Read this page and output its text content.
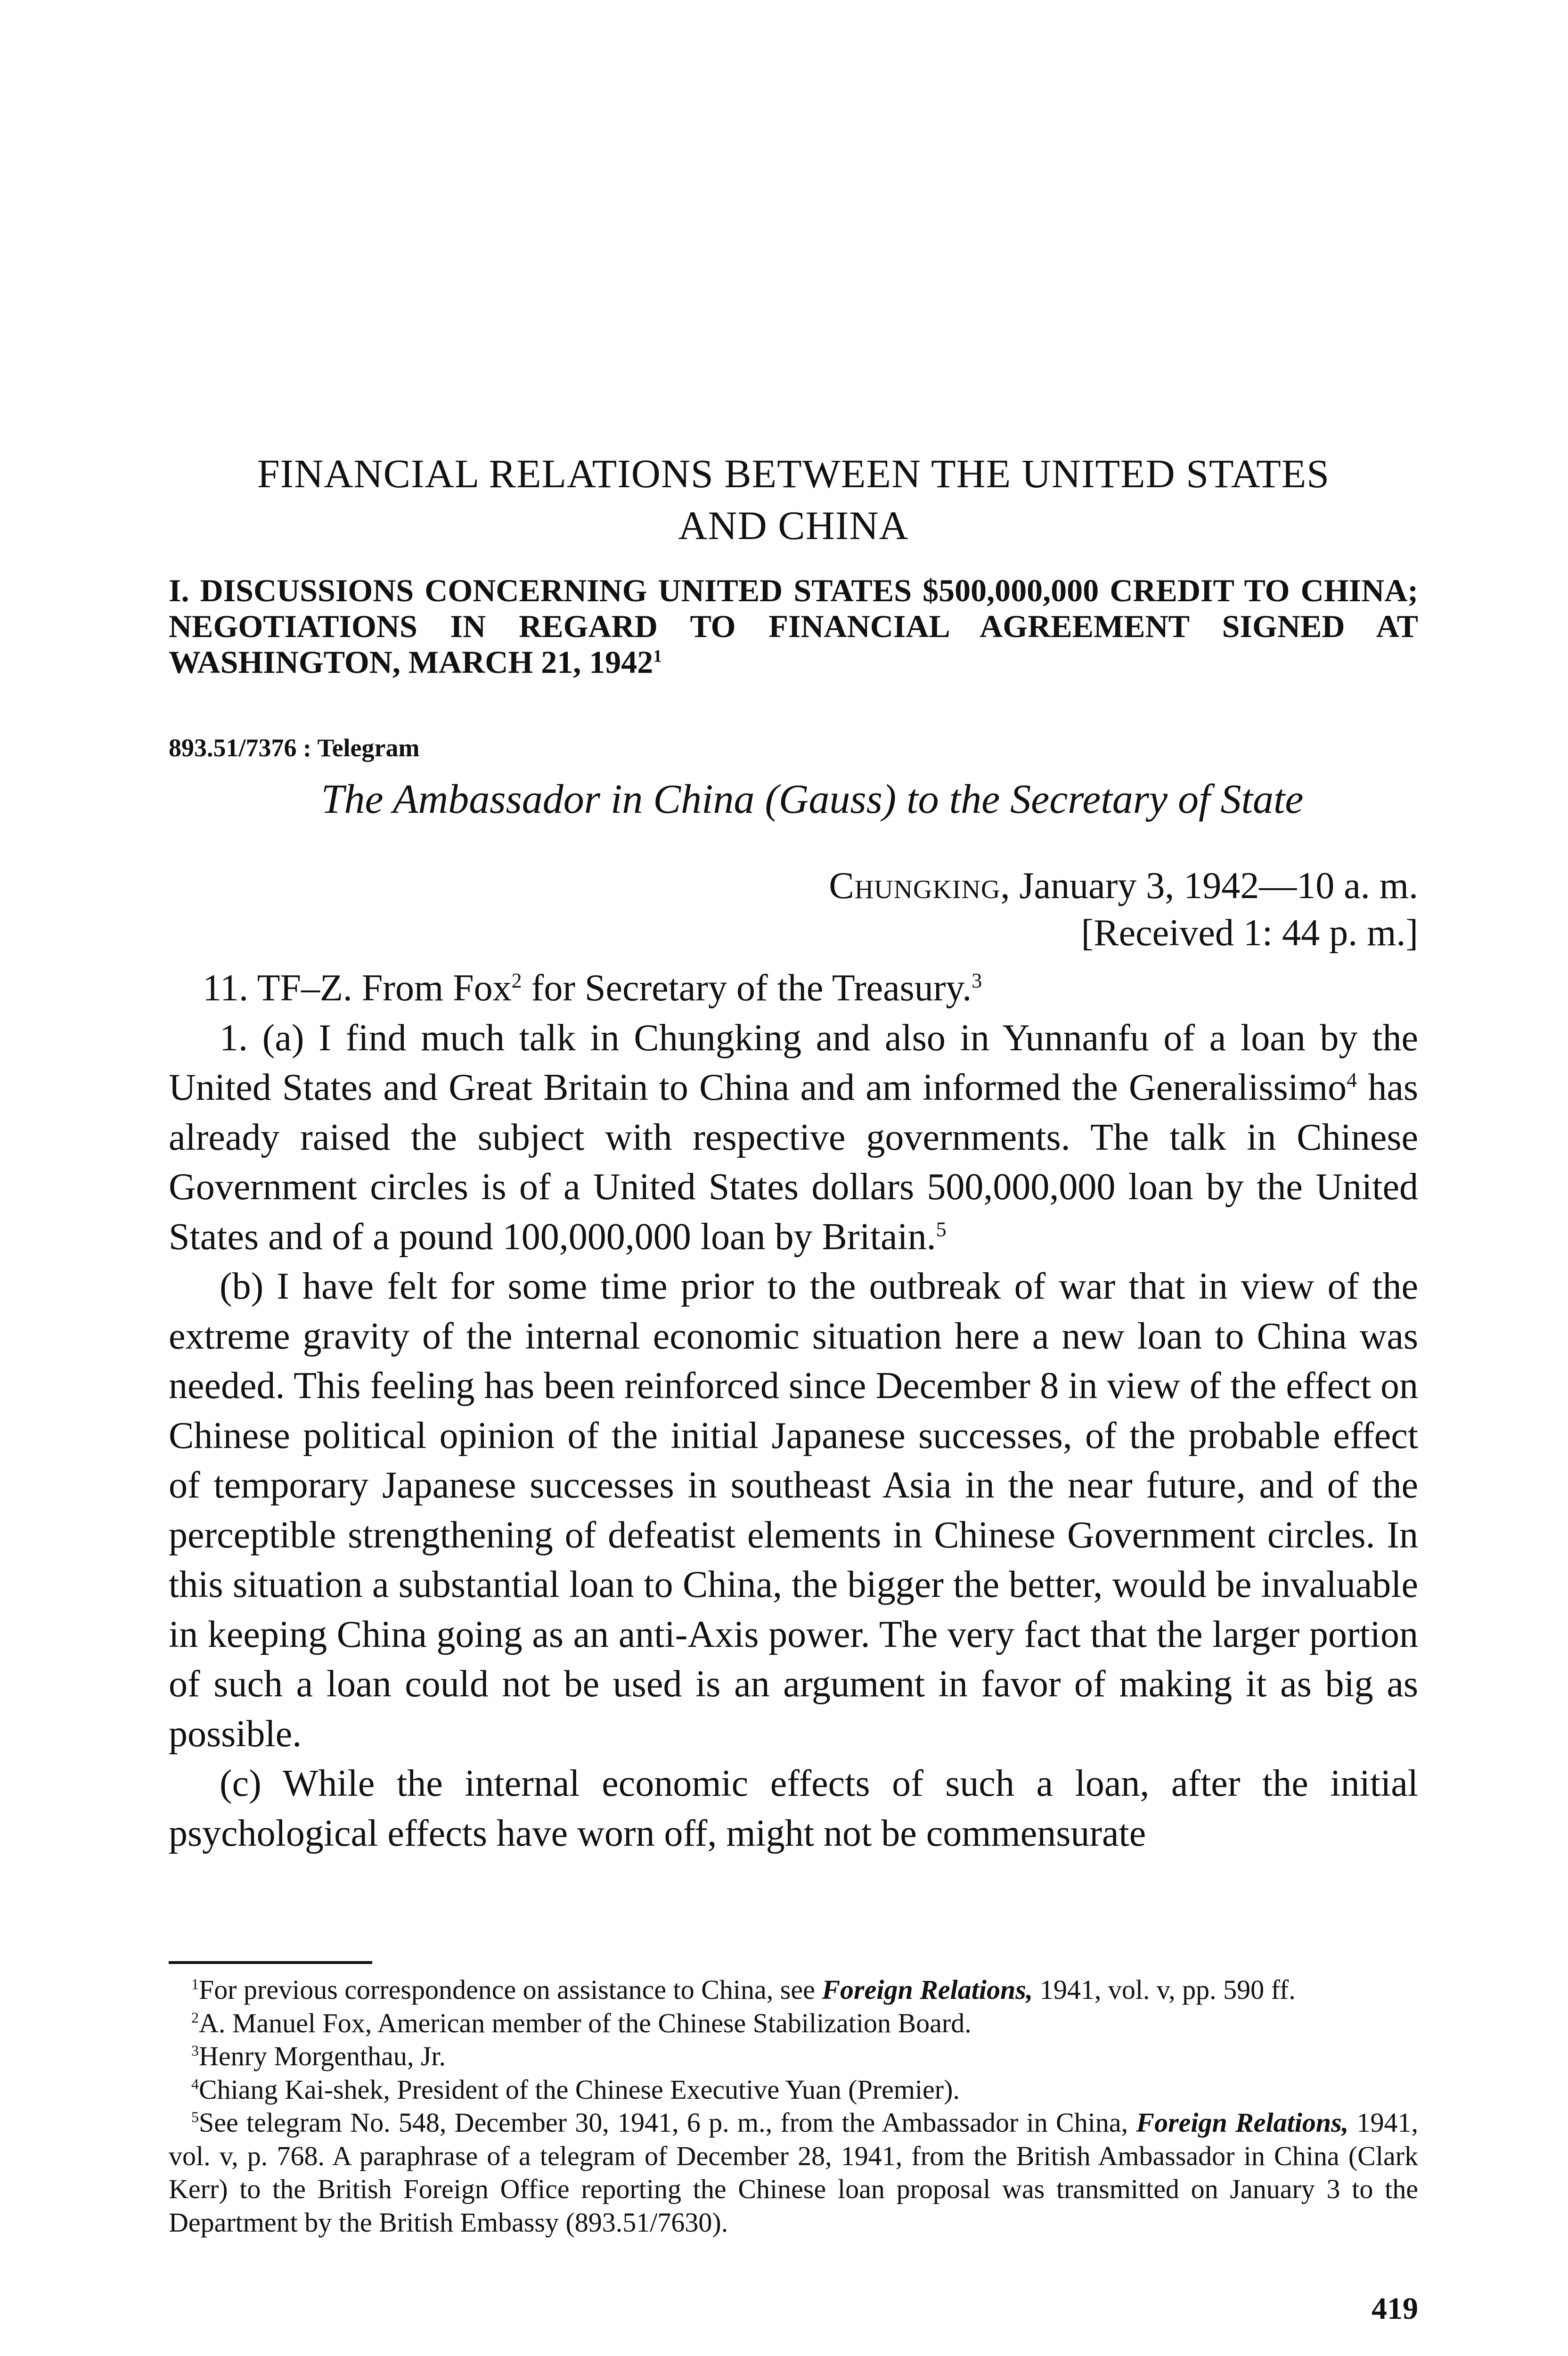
FINANCIAL RELATIONS BETWEEN THE UNITED STATES
AND CHINA
I. DISCUSSIONS CONCERNING UNITED STATES $500,000,000 CREDIT TO CHINA; NEGOTIATIONS IN REGARD TO FINANCIAL AGREEMENT SIGNED AT WASHINGTON, MARCH 21, 1942$^1$
893.51/7376 : Telegram
The Ambassador in China (Gauss) to the Secretary of State
Chungking, January 3, 1942—10 a. m.
[Received 1: 44 p. m.]

11. TF–Z. From Fox$^2$ for Secretary of the Treasury.$^3$

1. (a) I find much talk in Chungking and also in Yunnanfu of a loan by the United States and Great Britain to China and am informed the Generalissimo$^4$ has already raised the subject with respective governments. The talk in Chinese Government circles is of a United States dollars 500,000,000 loan by the United States and of a pound 100,000,000 loan by Britain.$^5$

(b) I have felt for some time prior to the outbreak of war that in view of the extreme gravity of the internal economic situation here a new loan to China was needed. This feeling has been reinforced since December 8 in view of the effect on Chinese political opinion of the initial Japanese successes, of the probable effect of temporary Japanese successes in southeast Asia in the near future, and of the perceptible strengthening of defeatist elements in Chinese Government circles. In this situation a substantial loan to China, the bigger the better, would be invaluable in keeping China going as an anti-Axis power. The very fact that the larger portion of such a loan could not be used is an argument in favor of making it as big as possible.

(c) While the internal economic effects of such a loan, after the initial psychological effects have worn off, might not be commensurate

$^1$For previous correspondence on assistance to China, see Foreign Relations, 1941, vol. v, pp. 590 ff.

$^2$A. Manuel Fox, American member of the Chinese Stabilization Board.

$^3$Henry Morgenthau, Jr.

$^4$Chiang Kai-shek, President of the Chinese Executive Yuan (Premier).

$^5$See telegram No. 548, December 30, 1941, 6 p. m., from the Ambassador in China, Foreign Relations, 1941, vol. v, p. 768. A paraphrase of a telegram of December 28, 1941, from the British Ambassador in China (Clark Kerr) to the British Foreign Office reporting the Chinese loan proposal was transmitted on January 3 to the Department by the British Embassy (893.51/7630).

419
